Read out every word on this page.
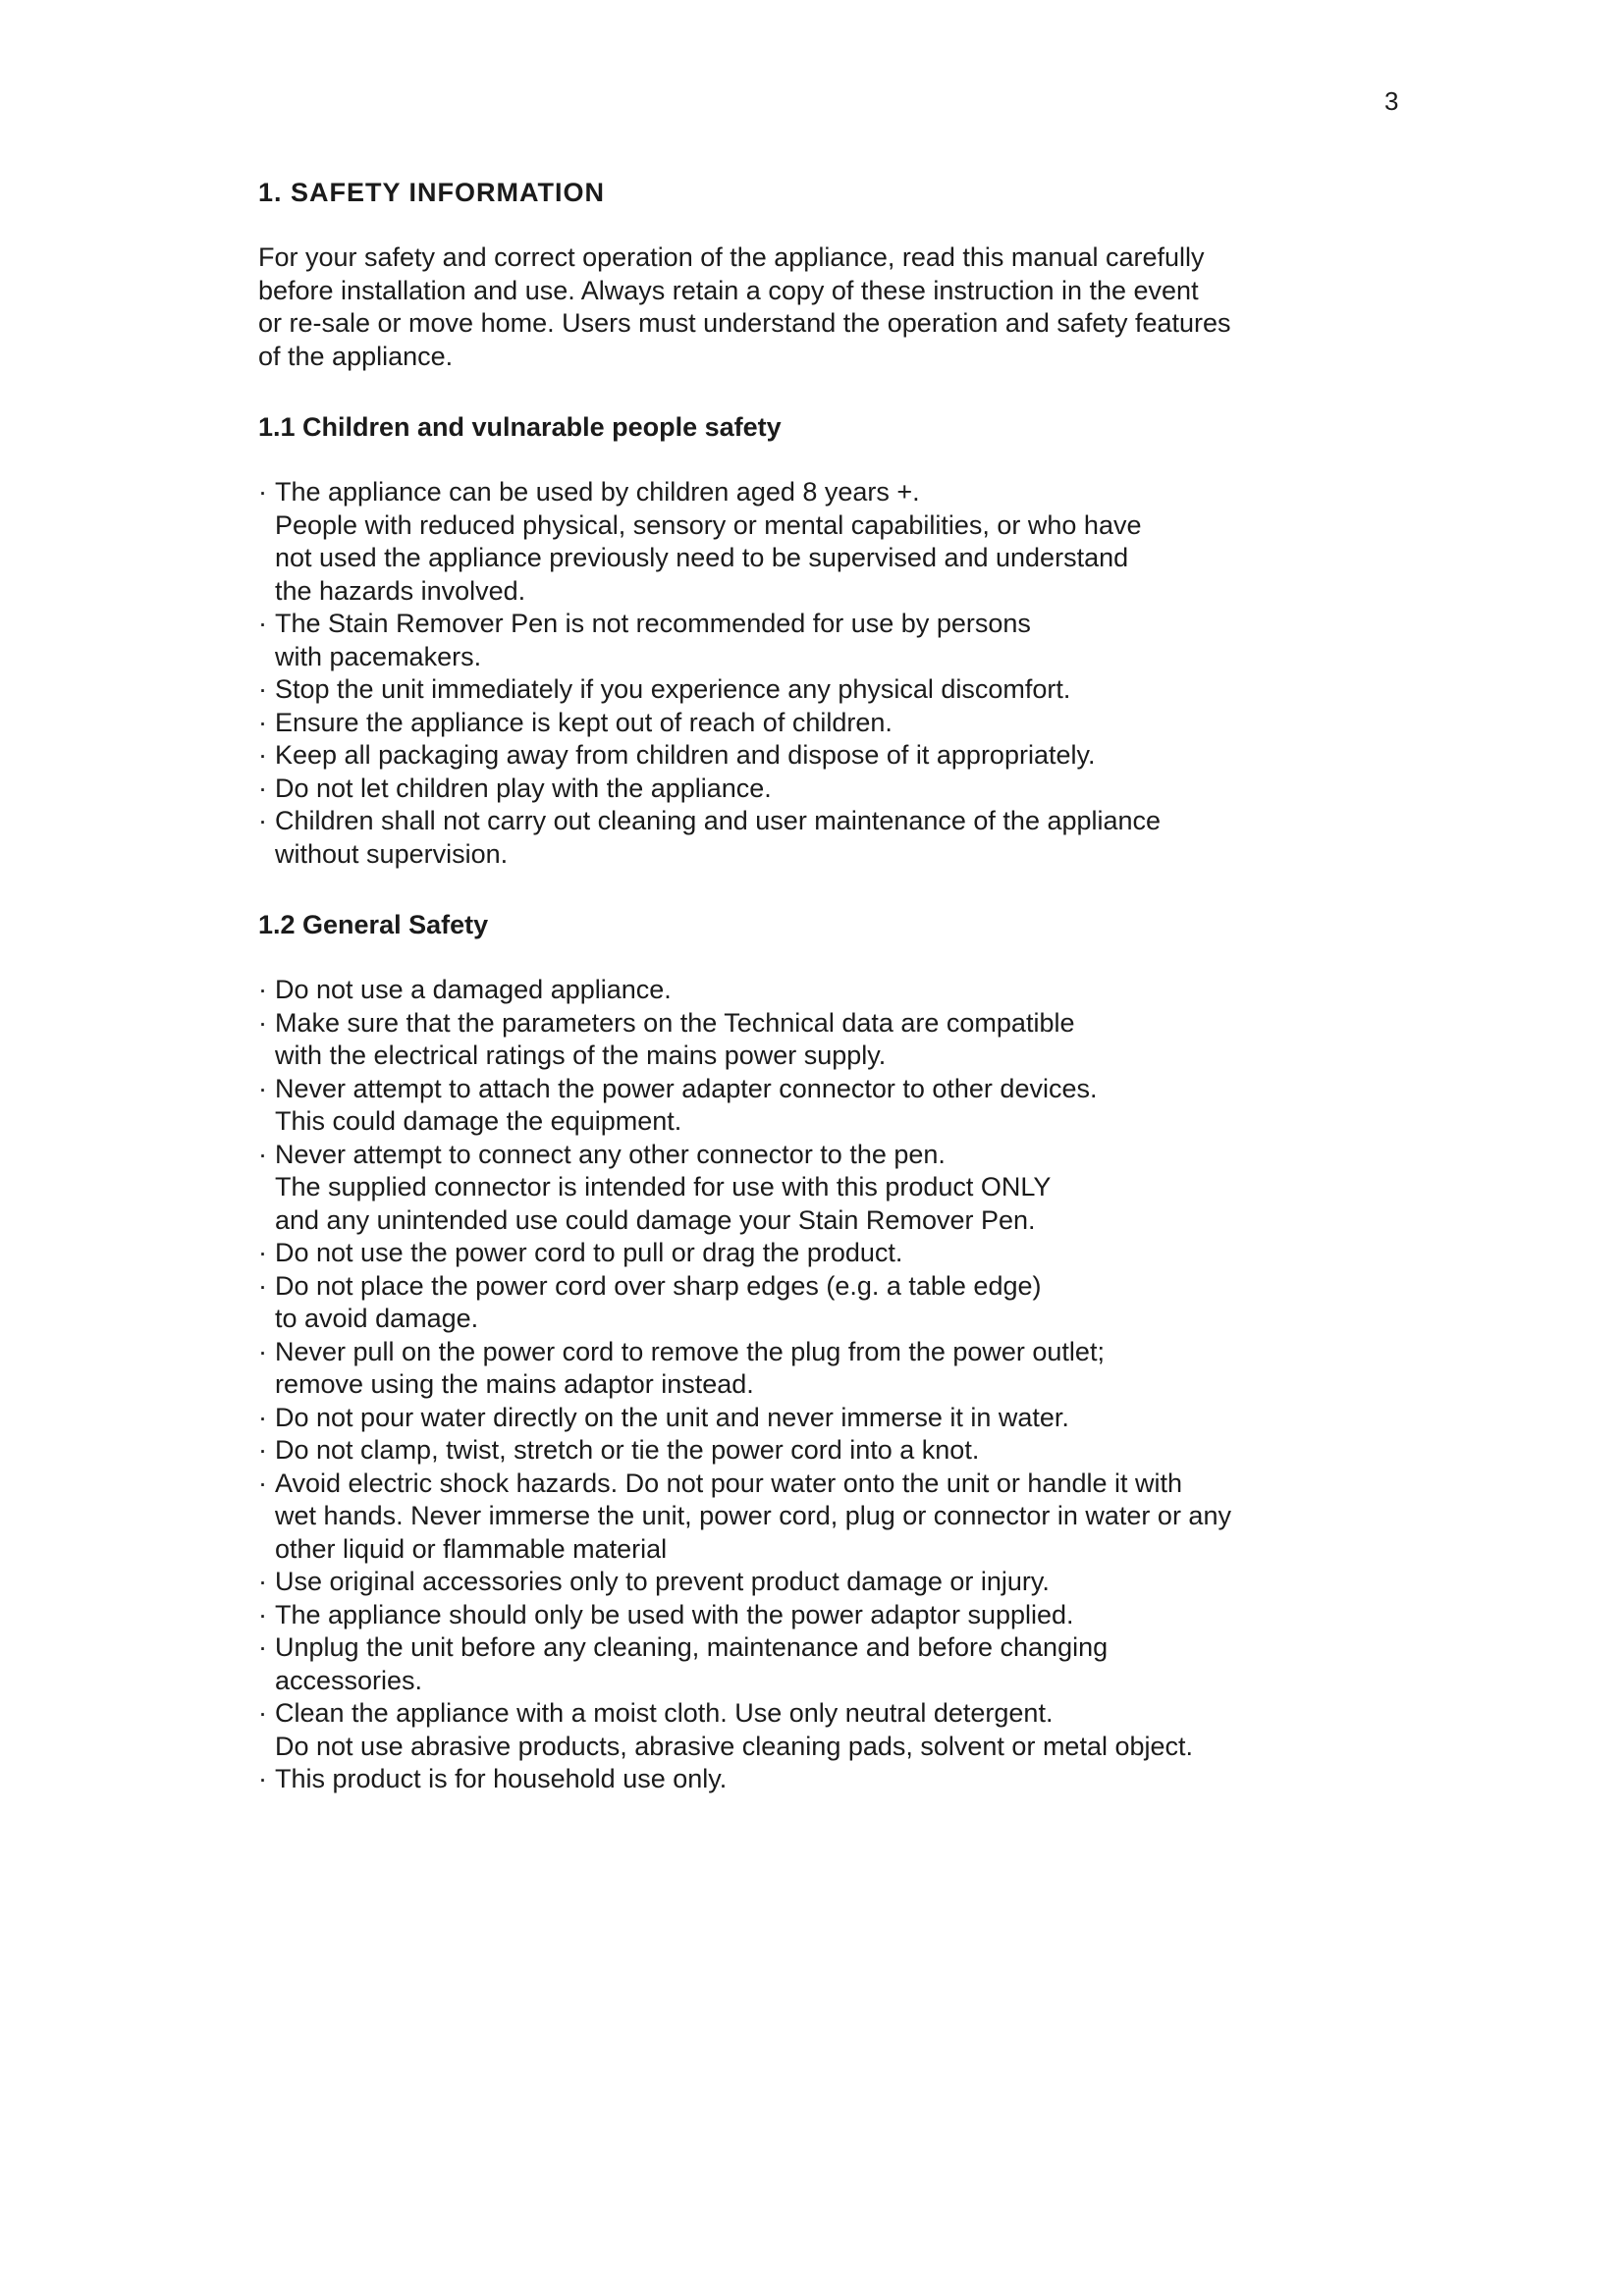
3
1. SAFETY INFORMATION
For your safety and correct operation of the appliance, read this manual carefully
before installation and use. Always retain a copy of these instruction in the event
or re-sale or move home. Users must understand the operation and safety features
of the appliance.
1.1 Children and vulnarable people safety
· The appliance can be used by children aged 8 years +.
People with reduced physical, sensory or mental capabilities, or who have
not used the appliance previously need to be supervised and understand
the hazards involved.
· The Stain Remover Pen is not recommended for use by persons
with pacemakers.
· Stop the unit immediately if you experience any physical discomfort.
· Ensure the appliance is kept out of reach of children.
· Keep all packaging away from children and dispose of it appropriately.
· Do not let children play with the appliance.
· Children shall not carry out cleaning and user maintenance of the appliance
without supervision.
1.2 General Safety
· Do not use a damaged appliance.
· Make sure that the parameters on the Technical data are compatible
with the electrical ratings of the mains power supply.
· Never attempt to attach the power adapter connector to other devices.
This could damage the equipment.
· Never attempt to connect any other connector to the pen.
The supplied connector is intended for use with this product ONLY
and any unintended use could damage your Stain Remover Pen.
· Do not use the power cord to pull or drag the product.
· Do not place the power cord over sharp edges (e.g. a table edge)
to avoid damage.
· Never pull on the power cord to remove the plug from the power outlet;
remove using the mains adaptor instead.
· Do not pour water directly on the unit and never immerse it in water.
· Do not clamp, twist, stretch or tie the power cord into a knot.
· Avoid electric shock hazards. Do not pour water onto the unit or handle it with
wet hands. Never immerse the unit, power cord, plug or connector in water or any
other liquid or flammable material
· Use original accessories only to prevent product damage or injury.
· The appliance should only be used with the power adaptor supplied.
· Unplug the unit before any cleaning, maintenance and before changing
accessories.
· Clean the appliance with a moist cloth. Use only neutral detergent.
Do not use abrasive products, abrasive cleaning pads, solvent or metal object.
· This product is for household use only.
